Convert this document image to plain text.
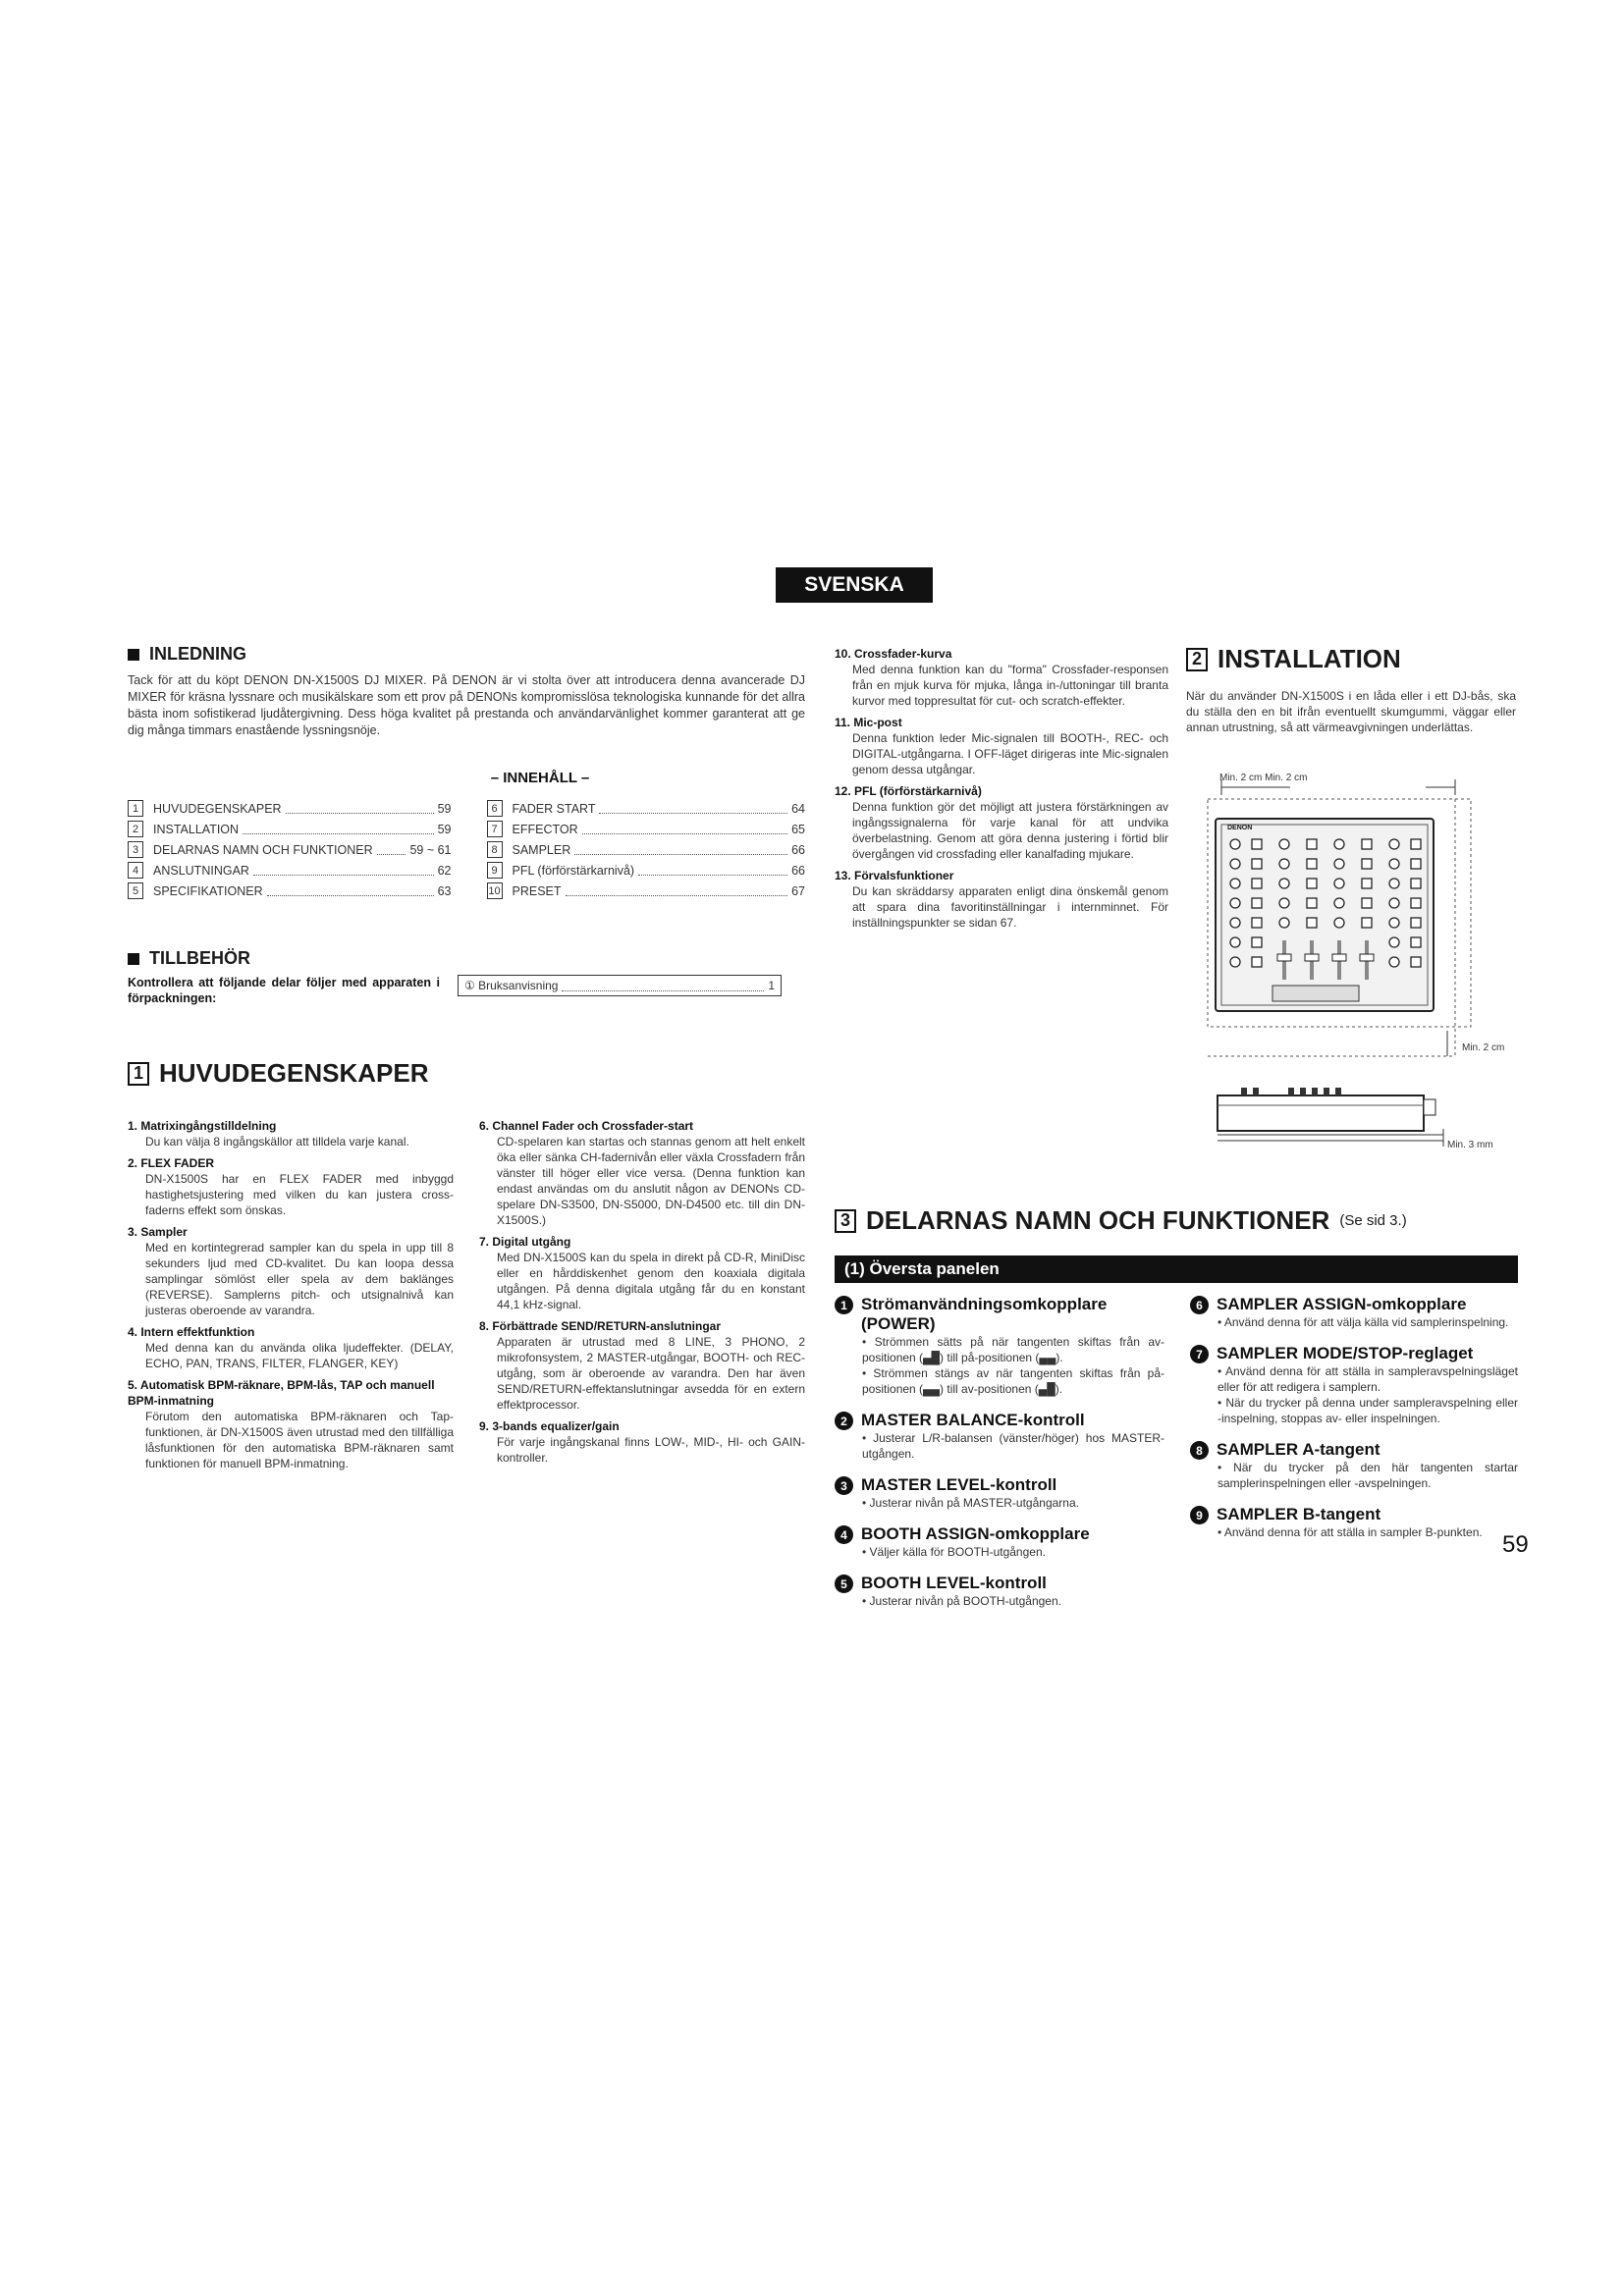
SVENSKA
INLEDNING
Tack för att du köpt DENON DN-X1500S DJ MIXER. På DENON är vi stolta över att introducera denna avancerade DJ MIXER för kräsna lyssnare och musikälskare som ett prov på DENONs kompromisslösa teknologiska kunnande för det allra bästa inom sofistikerad ljudåtergivning. Dess höga kvalitet på prestanda och användarvänlighet kommer garanterat att ge dig många timmars enastående lyssningsnöje.
– INNEHÅLL –
1	HUVUDEGENSKAPER	59
2	INSTALLATION	59
3	DELARNAS NAMN OCH FUNKTIONER	59 ~ 61
4	ANSLUTNINGAR	62
5	SPECIFIKATIONER	63
6	FADER START	64
7	EFFECTOR	65
8	SAMPLER	66
9	PFL (förförstärkarnivå)	66
10 PRESET	67
TILLBEHÖR
Kontrollera att följande delar följer med apparaten i förpackningen:
① Bruksanvisning	1
1 HUVUDEGENSKAPER
1. Matrixingångstilldelning
Du kan välja 8 ingångskällor att tilldela varje kanal.
2. FLEX FADER
DN-X1500S har en FLEX FADER med inbyggd hastighetsjustering med vilken du kan justera cross-faderns effekt som önskas.
3. Sampler
Med en kortintegrerad sampler kan du spela in upp till 8 sekunders ljud med CD-kvalitet. Du kan loopa dessa samplingar sömlöst eller spela av dem baklänges (REVERSE). Samplerns pitch- och utsignalnivå kan justeras oberoende av varandra.
4. Intern effektfunktion
Med denna kan du använda olika ljudeffekter. (DELAY, ECHO, PAN, TRANS, FILTER, FLANGER, KEY)
5. Automatisk BPM-räknare, BPM-lås, TAP och manuell BPM-inmatning
Förutom den automatiska BPM-räknaren och Tap-funktionen, är DN-X1500S även utrustad med den tillfälliga låsfunktionen för den automatiska BPM-räknaren samt funktionen för manuell BPM-inmatning.
6. Channel Fader och Crossfader-start
CD-spelaren kan startas och stannas genom att helt enkelt öka eller sänka CH-fadernivån eller växla Crossfadern från vänster till höger eller vice versa. (Denna funktion kan endast användas om du anslutit någon av DENONs CD-spelare DN-S3500, DN-S5000, DN-D4500 etc. till din DN-X1500S.)
7. Digital utgång
Med DN-X1500S kan du spela in direkt på CD-R, MiniDisc eller en hårddiskenhet genom den koaxiala digitala utgången. På denna digitala utgång får du en konstant 44,1 kHz-signal.
8. Förbättrade SEND/RETURN-anslutningar
Apparaten är utrustad med 8 LINE, 3 PHONO, 2 mikrofonsystem, 2 MASTER-utgångar, BOOTH- och REC-utgång, som är oberoende av varandra. Den har även SEND/RETURN-effektanslutningar avsedda för en extern effektprocessor.
9. 3-bands equalizer/gain
För varje ingångskanal finns LOW-, MID-, HI- och GAIN-kontroller.
10. Crossfader-kurva
Med denna funktion kan du "forma" Crossfader-responsen från en mjuk kurva för mjuka, långa in-/uttoningar till branta kurvor med toppresultat för cut- och scratch-effekter.
11. Mic-post
Denna funktion leder Mic-signalen till BOOTH-, REC- och DIGITAL-utgångarna. I OFF-läget dirigeras inte Mic-signalen genom dessa utgångar.
12. PFL (förförstärkarnivå)
Denna funktion gör det möjligt att justera förstärkningen av ingångssignalerna för varje kanal för att undvika överbelastning. Genom att göra denna justering i förtid blir övergången vid crossfading eller kanalfading mjukare.
13. Förvalsfunktioner
Du kan skräddarsy apparaten enligt dina önskemål genom att spara dina favoritinställningar i internminnet. För inställningspunkter se sidan 67.
2 INSTALLATION
När du använder DN-X1500S i en låda eller i ett DJ-bås, ska du ställa den en bit ifrån eventuellt skumgummi, väggar eller annan utrustning, så att värmeavgivningen underlättas.
Min. 2 cm Min. 2 cm
Min. 2 cm
Min. 3 mm
DENON
3 DELARNAS NAMN OCH FUNKTIONER (Se sid 3.)
(1) Översta panelen
1 Strömanvändningsomkopplare (POWER)
• Strömmen sätts på när tangenten skiftas från av-positionen (▄█) till på-positionen (▄▄).
• Strömmen stängs av när tangenten skiftas från på-positionen (▄▄) till av-positionen (▄█).
2 MASTER BALANCE-kontroll
• Justerar L/R-balansen (vänster/höger) hos MASTER-utgången.
3 MASTER LEVEL-kontroll
• Justerar nivån på MASTER-utgångarna.
4 BOOTH ASSIGN-omkopplare
• Väljer källa för BOOTH-utgången.
5 BOOTH LEVEL-kontroll
• Justerar nivån på BOOTH-utgången.
6 SAMPLER ASSIGN-omkopplare
• Använd denna för att välja källa vid samplerinspelning.
7 SAMPLER MODE/STOP-reglaget
• Använd denna för att ställa in sampleravspelningsläget eller för att redigera i samplern.
• När du trycker på denna under sampleravspelning eller -inspelning, stoppas av- eller inspelningen.
8 SAMPLER A-tangent
• När du trycker på den här tangenten startar samplerinspelningen eller -avspelningen.
9 SAMPLER B-tangent
• Använd denna för att ställa in sampler B-punkten. 59
